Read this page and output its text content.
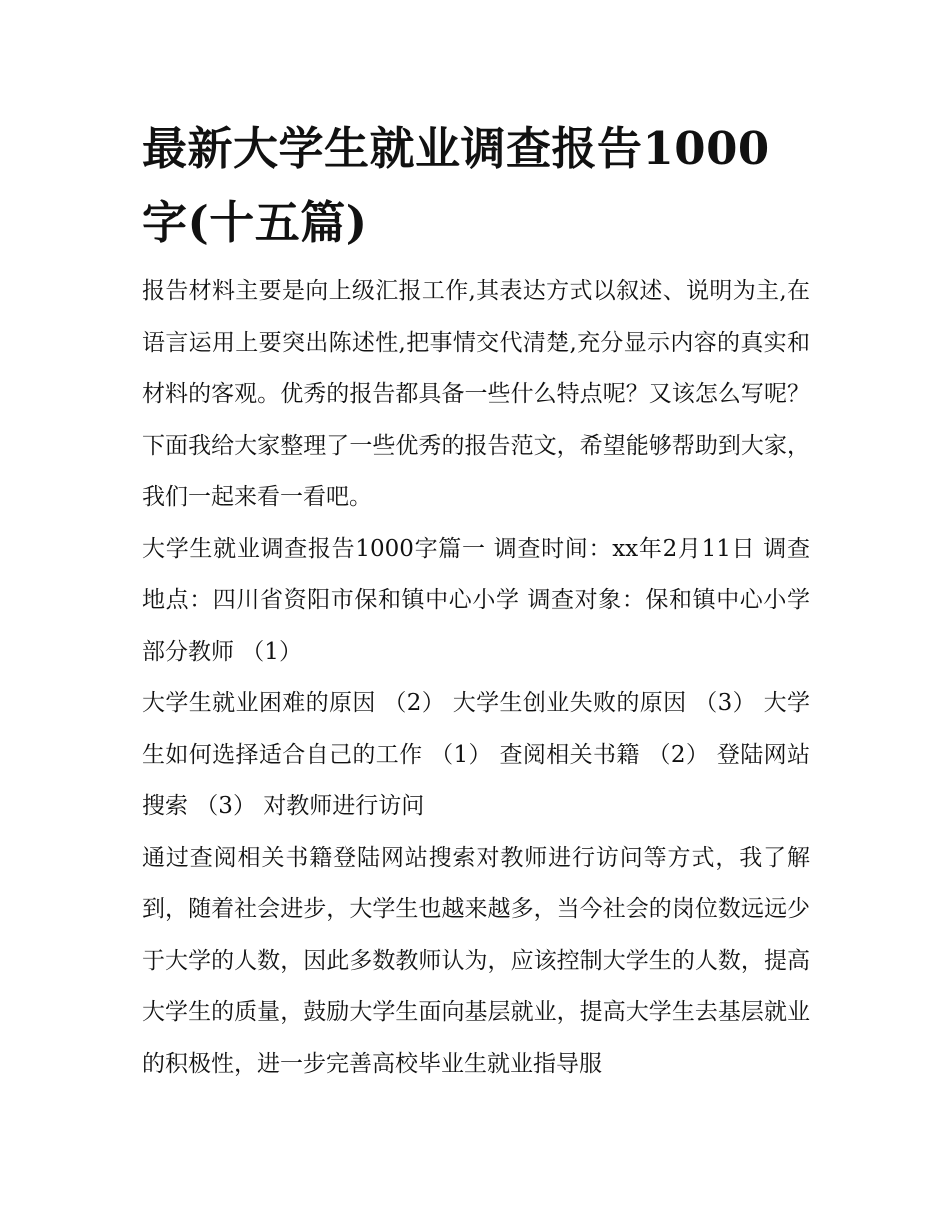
最新大学生就业调查报告1000字(十五篇)

报告材料主要是向上级汇报工作,其表达方式以叙述、说明为主,在语言运用上要突出陈述性,把事情交代清楚,充分显示内容的真实和材料的客观。优秀的报告都具备一些什么特点呢？又该怎么写呢？下面我给大家整理了一些优秀的报告范文，希望能够帮助到大家，我们一起来看一看吧。

大学生就业调查报告1000字篇一 调查时间：xx年2月11日 调查地点：四川省资阳市保和镇中心小学 调查对象：保和镇中心小学部分教师 （1）

大学生就业困难的原因 （2） 大学生创业失败的原因 （3） 大学生如何选择适合自己的工作 （1） 查阅相关书籍 （2） 登陆网站搜索 （3） 对教师进行访问

通过查阅相关书籍登陆网站搜索对教师进行访问等方式，我了解到，随着社会进步，大学生也越来越多，当今社会的岗位数远远少于大学的人数，因此多数教师认为，应该控制大学生的人数，提高大学生的质量，鼓励大学生面向基层就业，提高大学生去基层就业的积极性，进一步完善高校毕业生就业指导服
